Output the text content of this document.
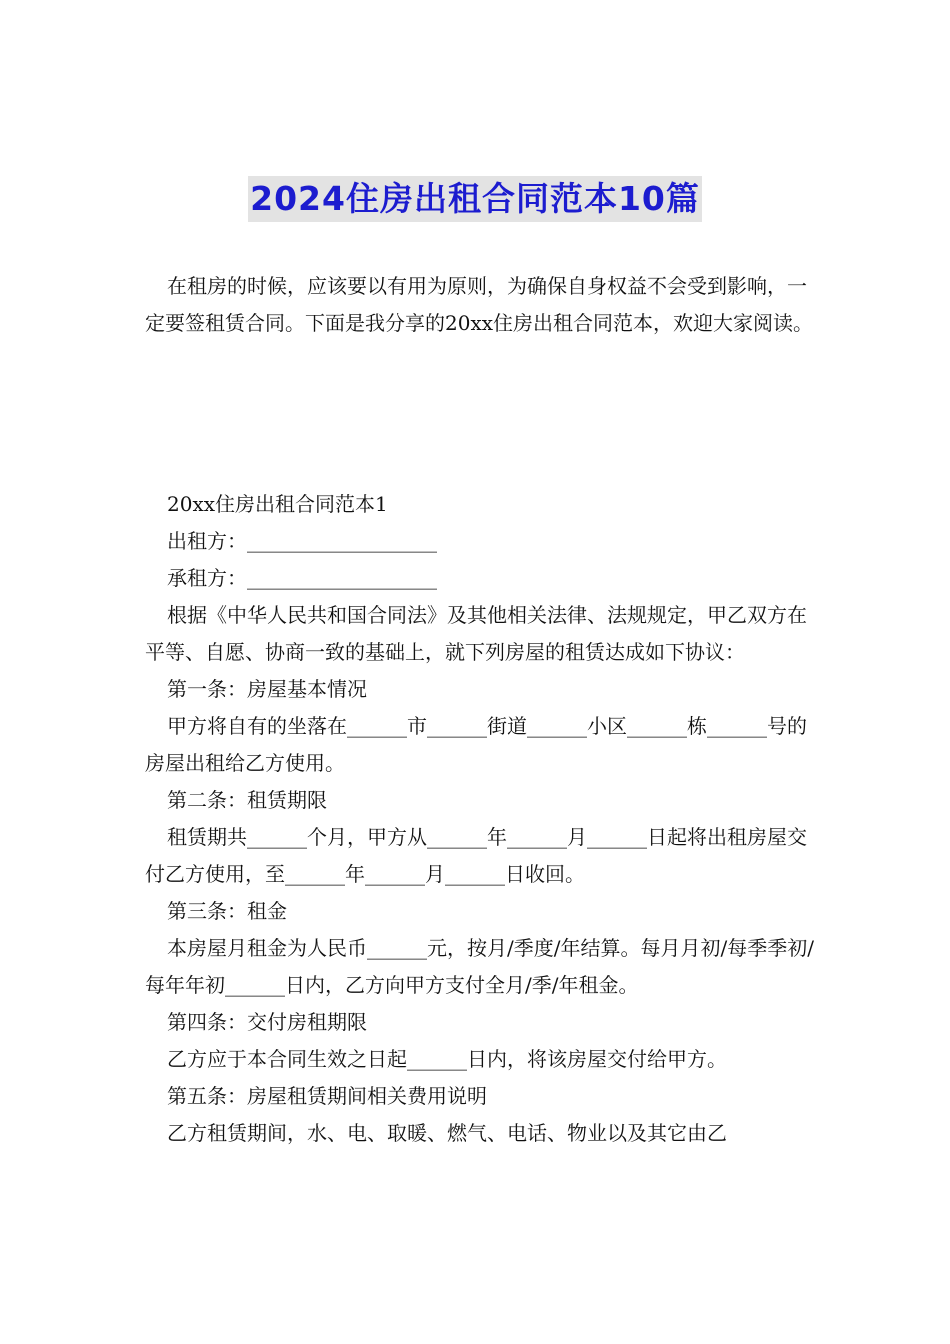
2024住房出租合同范本10篇

在租房的时候，应该要以有用为原则，为确保自身权益不会受到影响，一定要签租赁合同。下面是我分享的20xx住房出租合同范本，欢迎大家阅读。

20xx住房出租合同范本1

出租方：___________________

承租方：___________________

根据《中华人民共和国合同法》及其他相关法律、法规规定，甲乙双方在平等、自愿、协商一致的基础上，就下列房屋的租赁达成如下协议：

第一条：房屋基本情况

甲方将自有的坐落在______市______街道______小区______栋______号的房屋出租给乙方使用。

第二条：租赁期限

租赁期共______个月，甲方从______年______月______日起将出租房屋交付乙方使用，至______年______月______日收回。

第三条：租金

本房屋月租金为人民币______元，按月/季度/年结算。每月月初/每季季初/每年年初______日内，乙方向甲方支付全月/季/年租金。

第四条：交付房租期限

乙方应于本合同生效之日起______日内，将该房屋交付给甲方。

第五条：房屋租赁期间相关费用说明

乙方租赁期间，水、电、取暖、燃气、电话、物业以及其它由乙
